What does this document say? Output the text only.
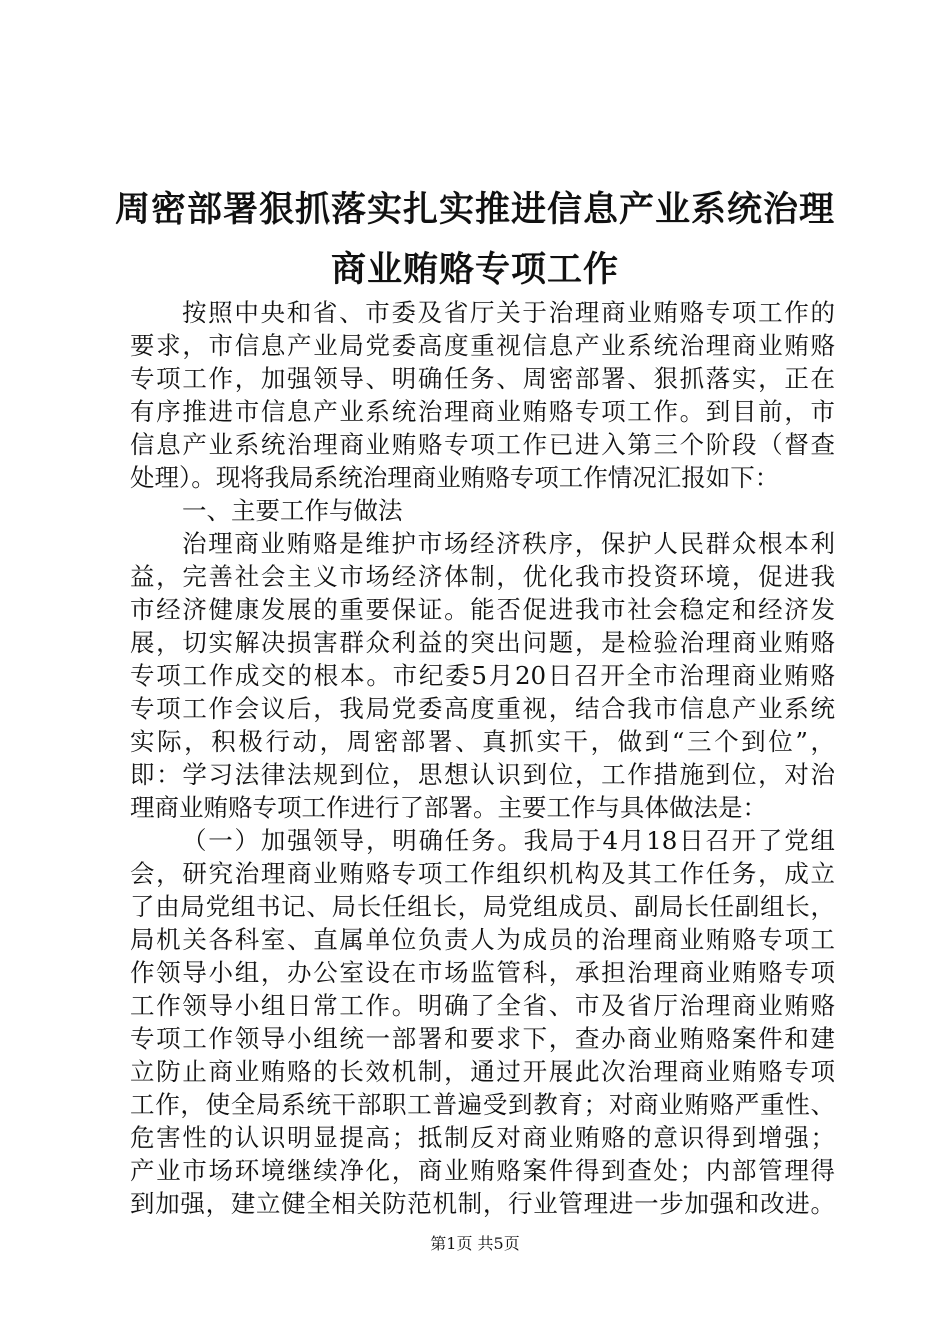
周密部署狠抓落实扎实推进信息产业系统治理
商业贿赂专项工作
按照中央和省、市委及省厅关于治理商业贿赂专项工作的
要求，市信息产业局党委高度重视信息产业系统治理商业贿赂
专项工作，加强领导、明确任务、周密部署、狠抓落实，正在
有序推进市信息产业系统治理商业贿赂专项工作。到目前，市
信息产业系统治理商业贿赂专项工作已进入第三个阶段（督查
处理）。现将我局系统治理商业贿赂专项工作情况汇报如下：
一、主要工作与做法
治理商业贿赂是维护市场经济秩序，保护人民群众根本利
益，完善社会主义市场经济体制，优化我市投资环境，促进我
市经济健康发展的重要保证。能否促进我市社会稳定和经济发
展，切实解决损害群众利益的突出问题，是检验治理商业贿赂
专项工作成交的根本。市纪委5月20日召开全市治理商业贿赂
专项工作会议后，我局党委高度重视，结合我市信息产业系统
实际，积极行动，周密部署、真抓实干，做到“三个到位”，
即：学习法律法规到位，思想认识到位，工作措施到位，对治
理商业贿赂专项工作进行了部署。主要工作与具体做法是：
（一）加强领导，明确任务。我局于4月18日召开了党组
会，研究治理商业贿赂专项工作组织机构及其工作任务，成立
了由局党组书记、局长任组长，局党组成员、副局长任副组长，
局机关各科室、直属单位负责人为成员的治理商业贿赂专项工
作领导小组，办公室设在市场监管科，承担治理商业贿赂专项
工作领导小组日常工作。明确了全省、市及省厅治理商业贿赂
专项工作领导小组统一部署和要求下，查办商业贿赂案件和建
立防止商业贿赂的长效机制，通过开展此次治理商业贿赂专项
工作，使全局系统干部职工普遍受到教育；对商业贿赂严重性、
危害性的认识明显提高；抵制反对商业贿赂的意识得到增强；
产业市场环境继续净化，商业贿赂案件得到查处；内部管理得
到加强，建立健全相关防范机制，行业管理进一步加强和改进。
第1页 共5页
